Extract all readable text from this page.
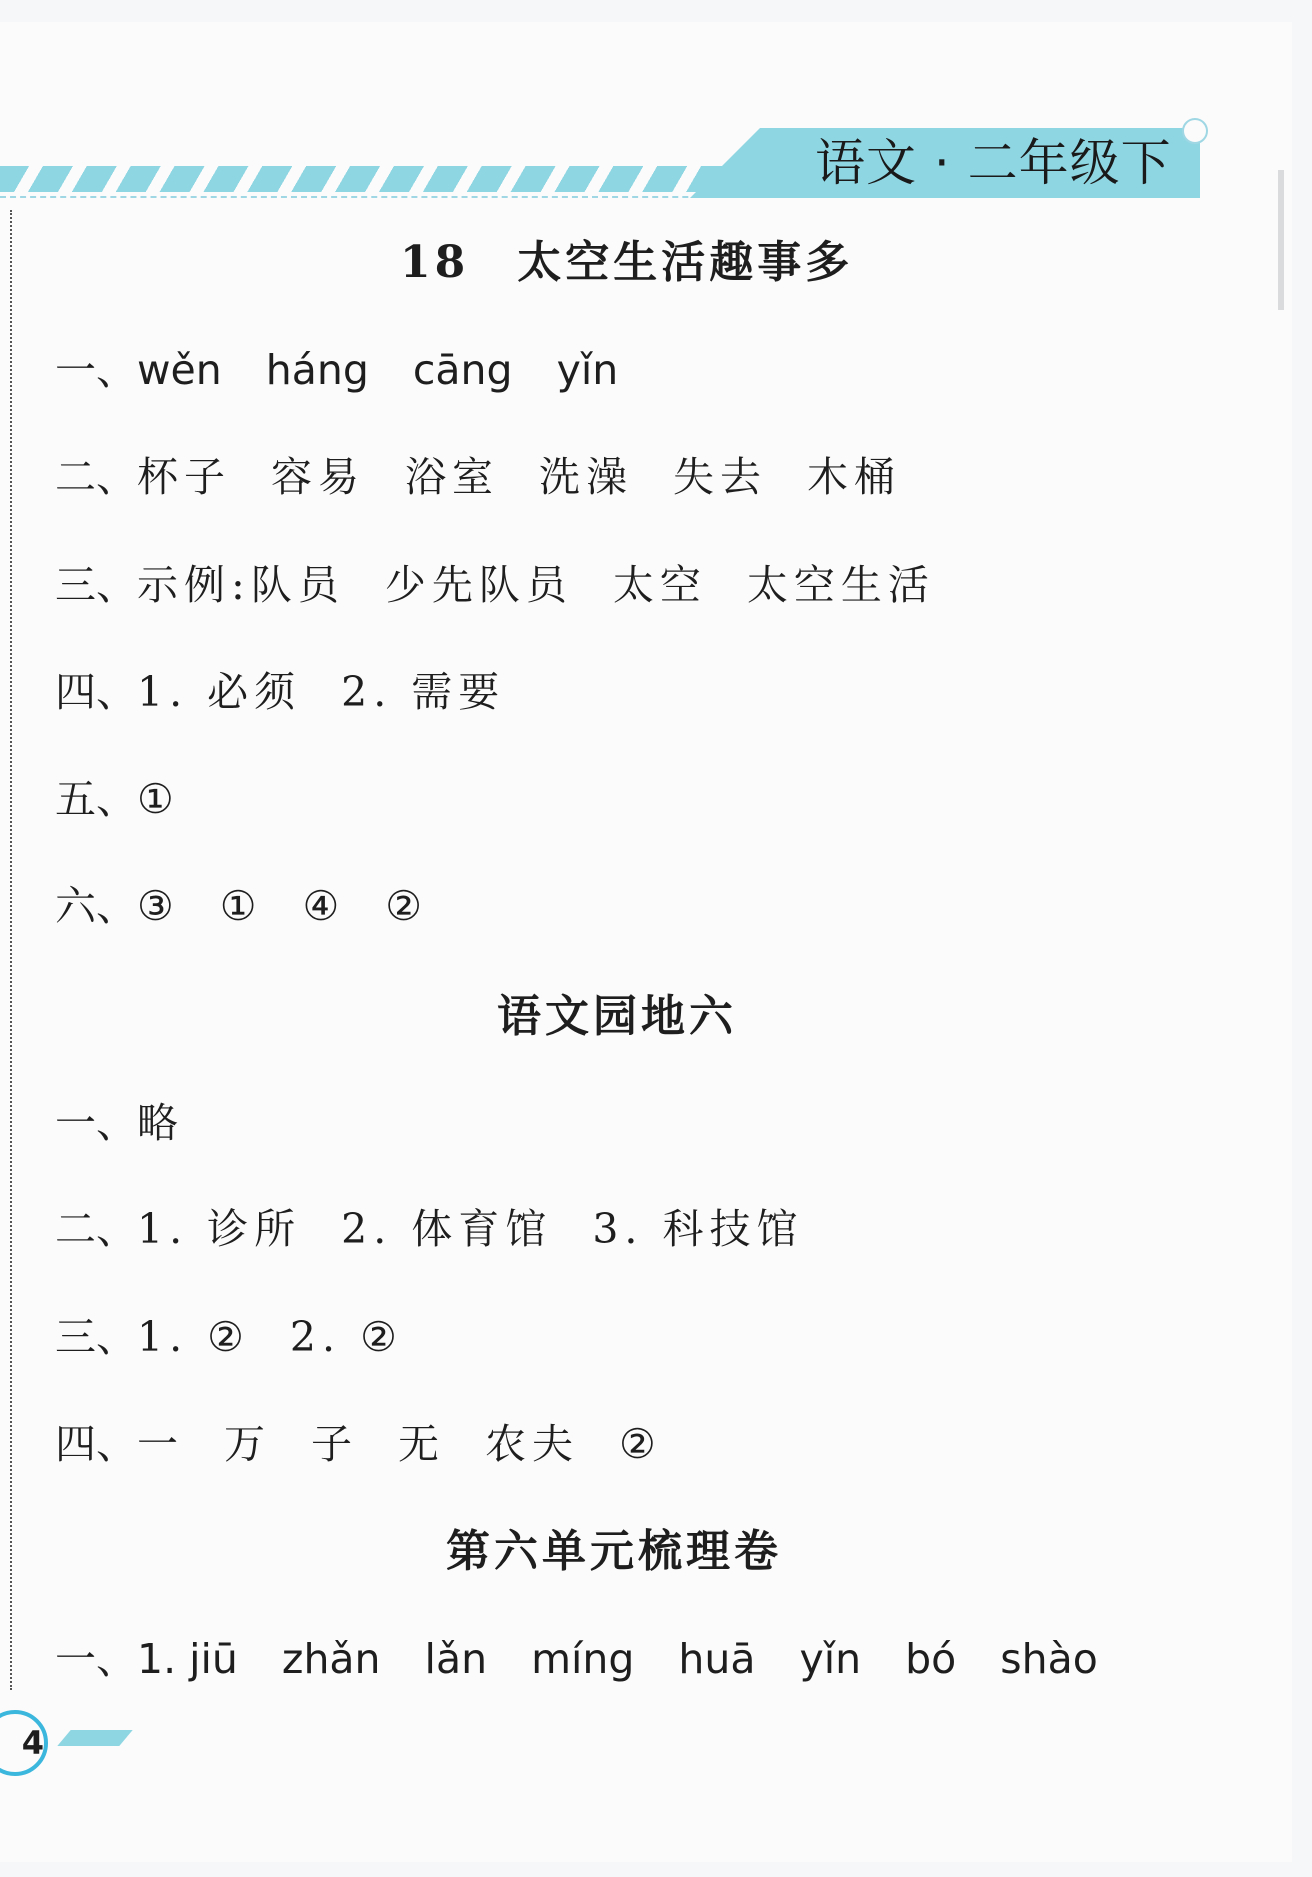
语文 · 二年级下
18　太空生活趣事多

一、wěn háng cāng yǐn

二、杯子 容易 浴室 洗澡 失去 木桶

三、示例:队员 少先队员 太空 太空生活

四、1. 必须 2. 需要

五、①

六、③ ① ④ ②

语文园地六

一、略

二、1. 诊所 2. 体育馆 3. 科技馆

三、1. ② 2. ②

四、一 万 子 无 农夫 ②

第六单元梳理卷

一、1. jiū zhǎn lǎn míng huā yǐn bó shào

4
